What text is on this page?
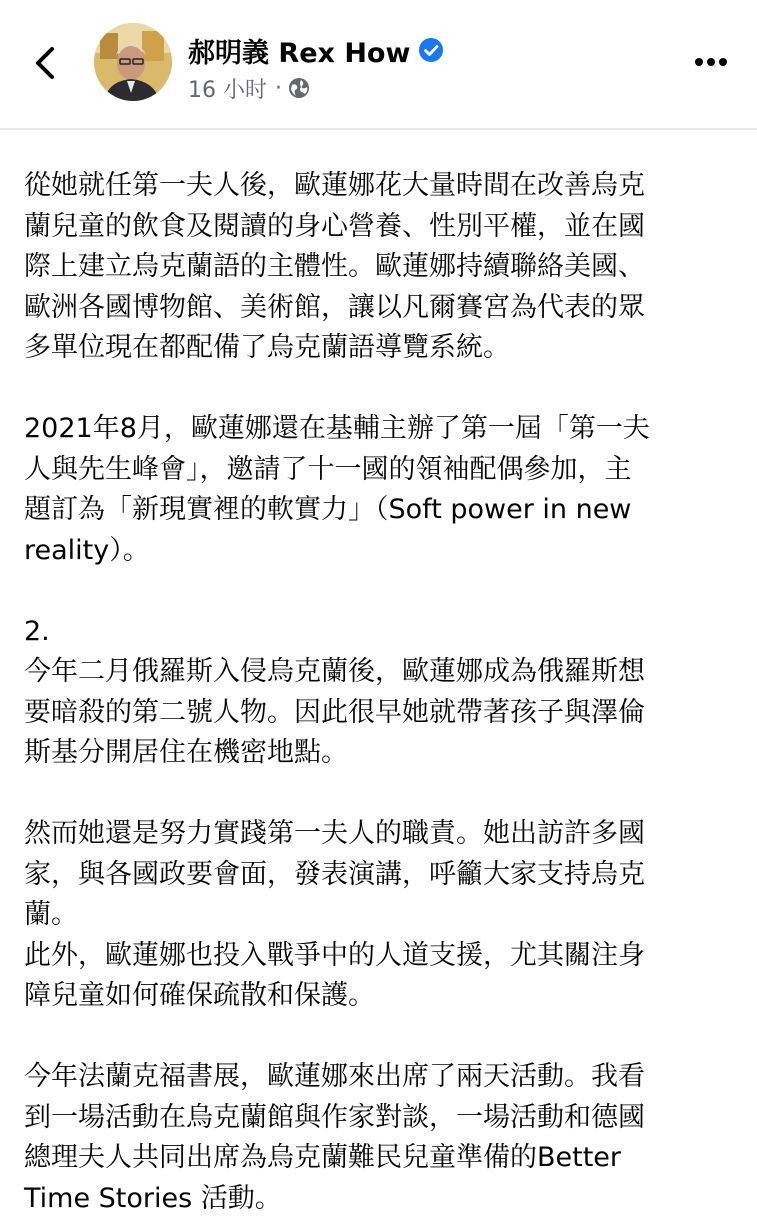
郝明義 Rex How
16 小时 ·
從她就任第一夫人後，歐蓮娜花大量時間在改善烏克
蘭兒童的飲食及閱讀的身心營養、性別平權，並在國
際上建立烏克蘭語的主體性。歐蓮娜持續聯絡美國、
歐洲各國博物館、美術館，讓以凡爾賽宮為代表的眾
多單位現在都配備了烏克蘭語導覽系統。
2021年8月，歐蓮娜還在基輔主辦了第一屆「第一夫
人與先生峰會」，邀請了十一國的領袖配偶參加，主
題訂為「新現實裡的軟實力」（Soft power in new
reality）。
2.
今年二月俄羅斯入侵烏克蘭後，歐蓮娜成為俄羅斯想
要暗殺的第二號人物。因此很早她就帶著孩子與澤倫
斯基分開居住在機密地點。
然而她還是努力實踐第一夫人的職責。她出訪許多國
家，與各國政要會面，發表演講，呼籲大家支持烏克
蘭。
此外，歐蓮娜也投入戰爭中的人道支援，尤其關注身
障兒童如何確保疏散和保護。
今年法蘭克福書展，歐蓮娜來出席了兩天活動。我看
到一場活動在烏克蘭館與作家對談，一場活動和德國
總理夫人共同出席為烏克蘭難民兒童準備的Better
Time Stories 活動。
